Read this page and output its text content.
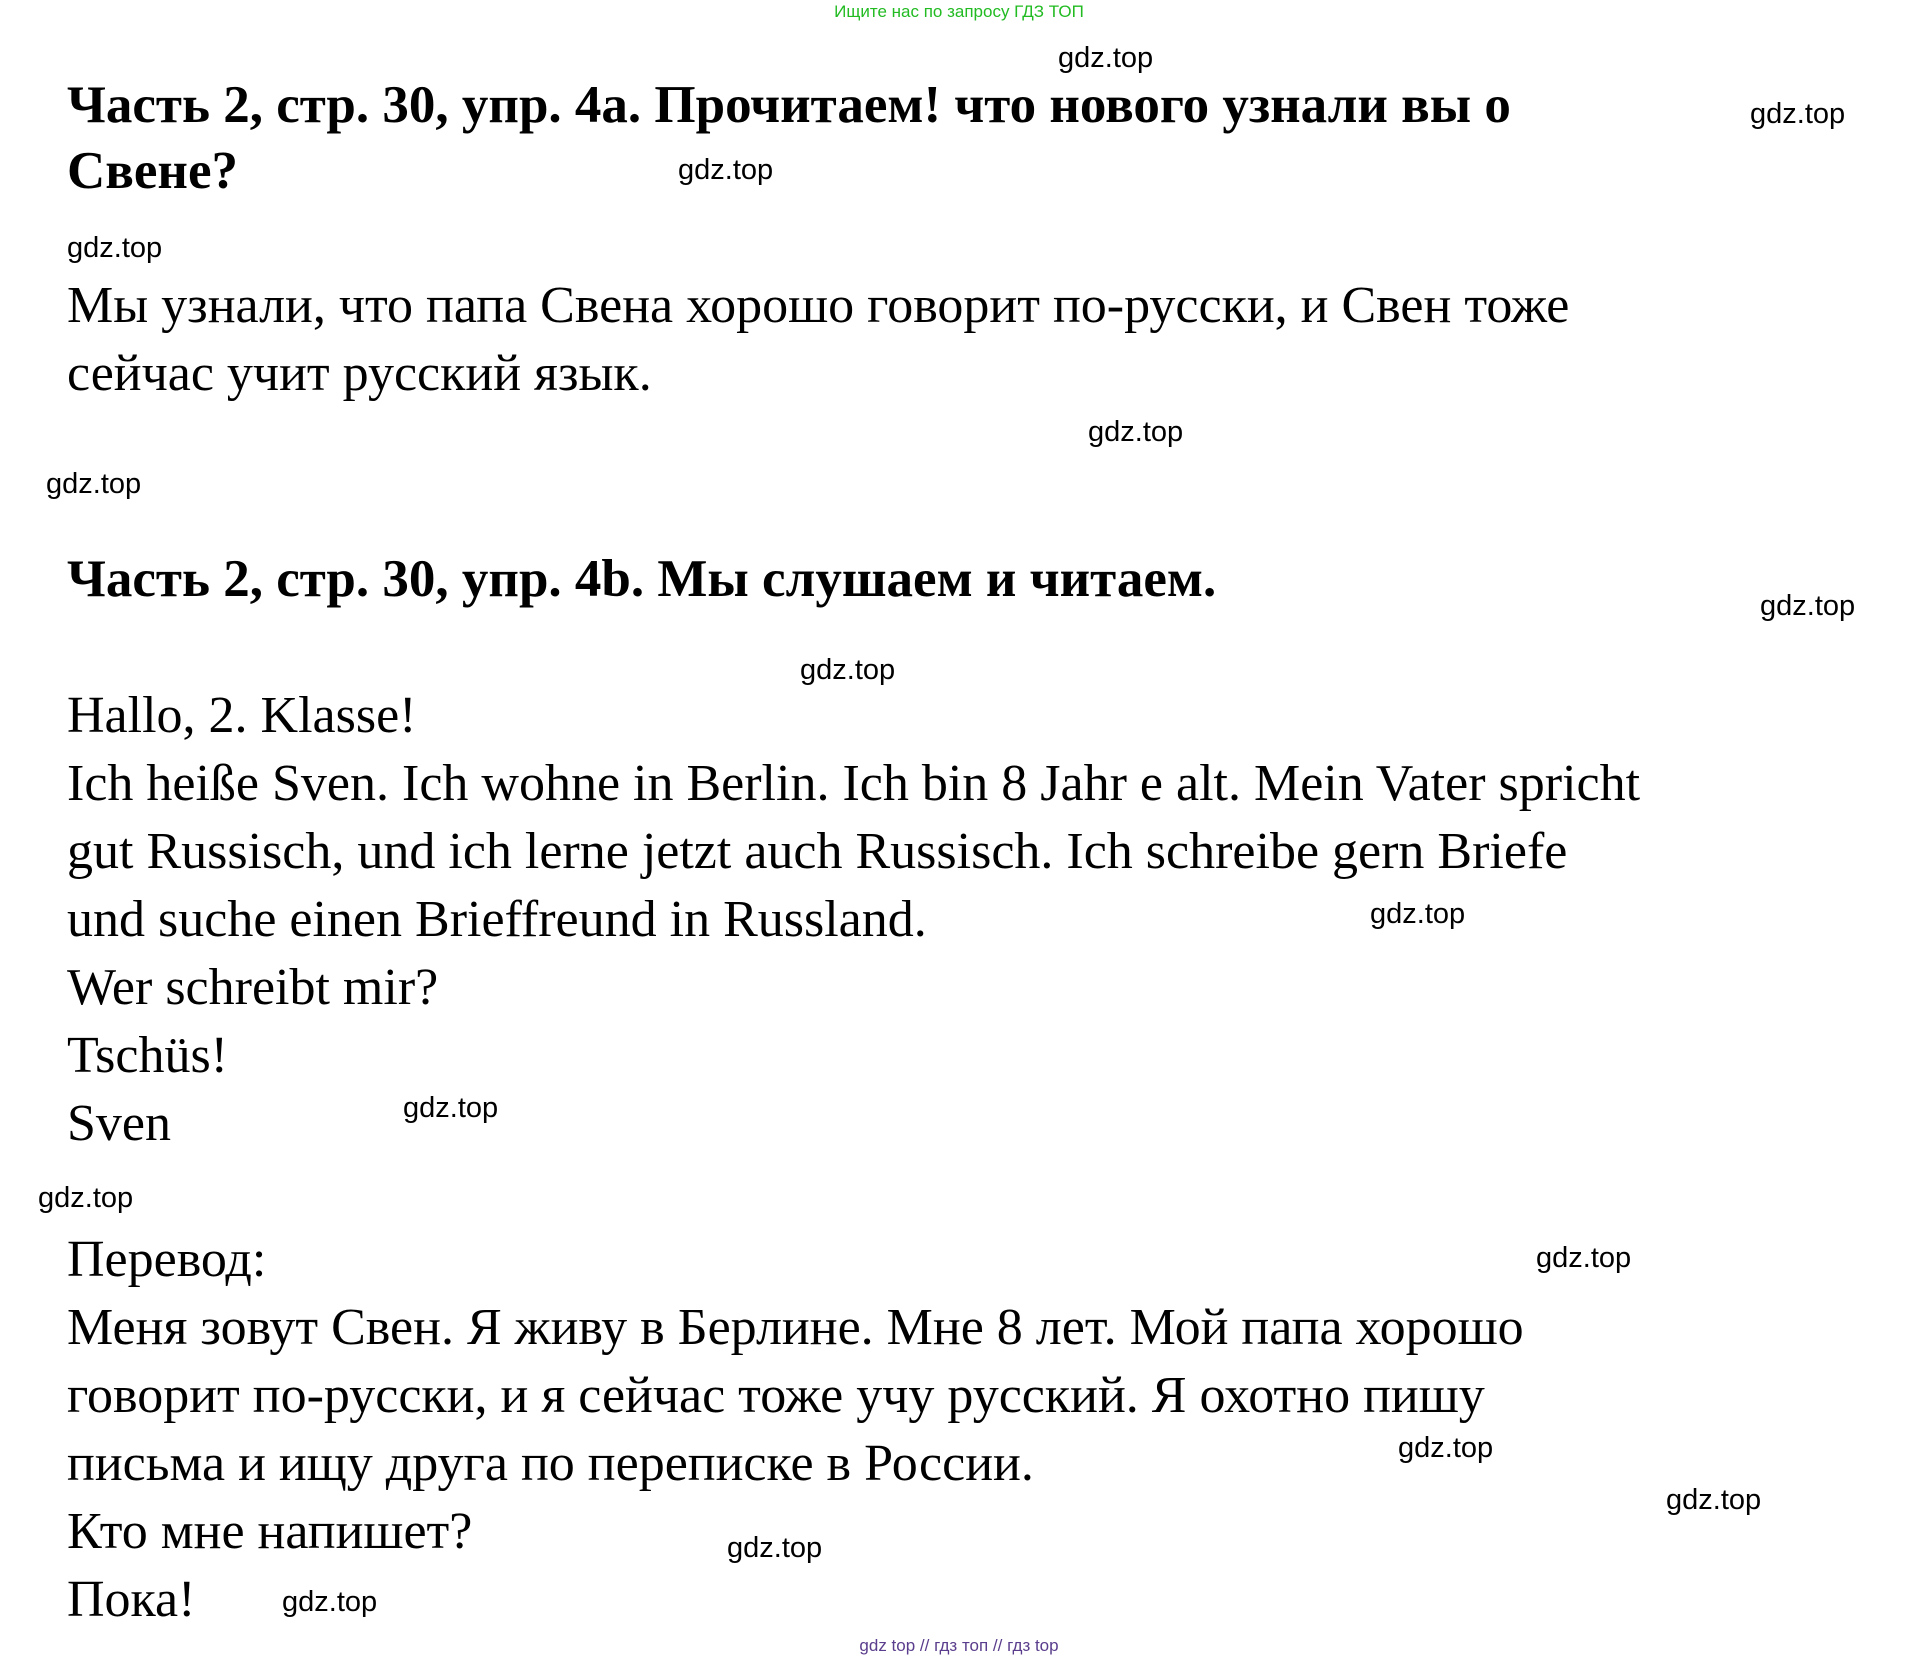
Ищите нас по запросу ГДЗ ТОП
Часть 2, стр. 30, упр. 4а. Прочитаем! что нового узнали вы о
Свене?
Мы узнали, что папа Свена хорошо говорит по-русски, и Свен тоже
сейчас учит русский язык.
Часть 2, стр. 30, упр. 4b. Мы слушаем и читаем.
Hallo, 2. Klasse!
Ich heiße Sven. Ich wohne in Berlin. Ich bin 8 Jahr e alt. Mein Vater spricht
gut Russisch, und ich lerne jetzt auch Russisch. Ich schreibe gern Briefe
und suche einen Brieffreund in Russland.
Wer schreibt mir?
Tschüs!
Sven
Перевод:
Меня зовут Свен. Я живу в Берлине. Мне 8 лет. Мой папа хорошо
говорит по-русски, и я сейчас тоже учу русский. Я охотно пишу
письма и ищу друга по переписке в России.
Кто мне напишет?
Пока!
gdz.top
gdz.top
gdz.top
gdz.top
gdz.top
gdz.top
gdz.top
gdz.top
gdz.top
gdz.top
gdz.top
gdz.top
gdz.top
gdz.top
gdz.top
gdz.top
gdz top // гдз топ // гдз top
